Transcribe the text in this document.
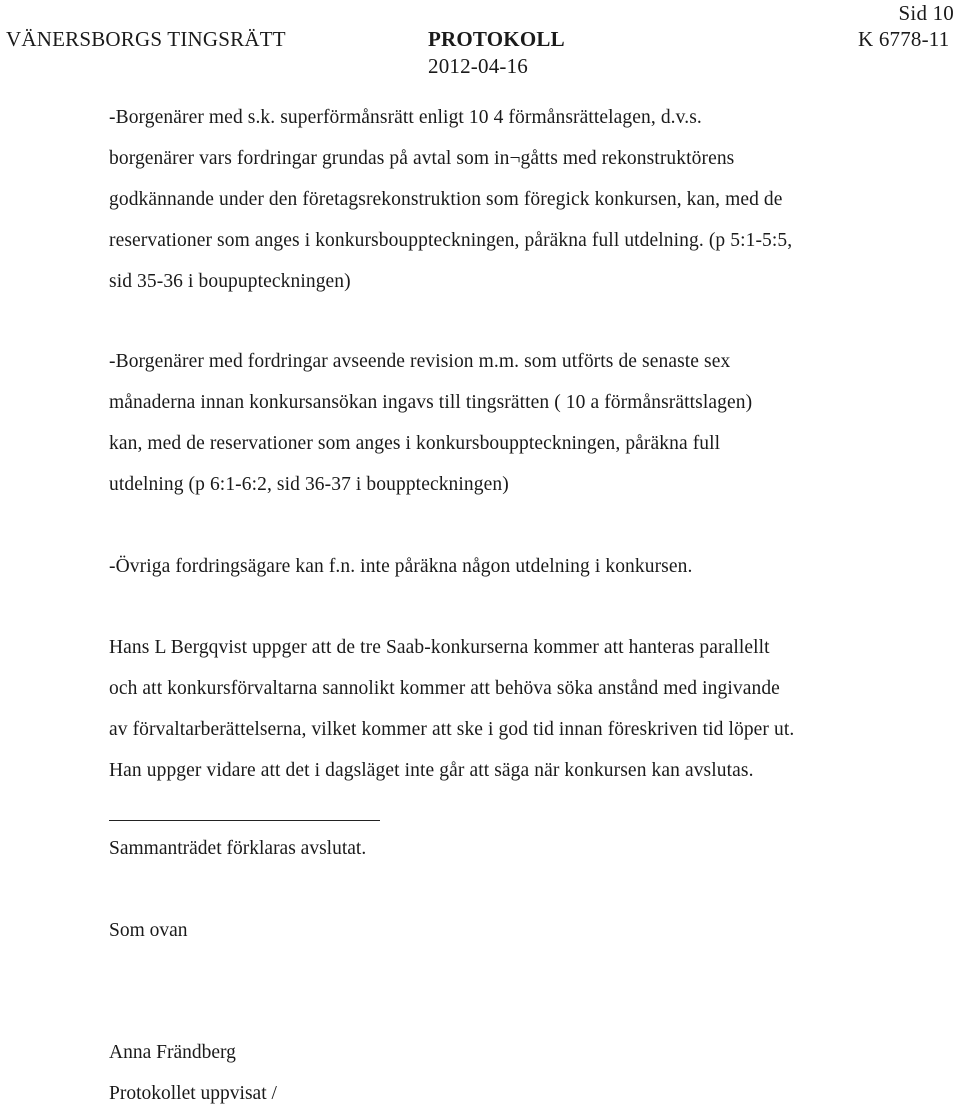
VÄNERSBORGS TINGSRÄTT	PROTOKOLL
2012-04-16
K 6778-11
Sid 10
-Borgenärer med s.k. superförmånsrätt enligt 10 4 förmånsrättelagen, d.v.s.
borgenärer vars fordringar grundas på avtal som in¬gåtts med rekonstruktörens
godkännande under den företagsrekonstruktion som föregick konkursen, kan, med de
reservationer som anges i konkursbouppteckningen, påräkna full utdelning. (p 5:1-5:5,
sid 35-36 i boupupteckningen)
-Borgenärer med fordringar avseende revision m.m. som utförts de senaste sex
månaderna innan konkursansökan ingavs till tingsrätten ( 10 a förmånsrättslagen)
kan, med de reservationer som anges i konkursbouppteckningen, påräkna full
utdelning (p 6:1-6:2, sid 36-37 i bouppteckningen)
-Övriga fordringsägare kan f.n. inte påräkna någon utdelning i konkursen.
Hans L Bergqvist uppger att de tre Saab-konkurserna kommer att hanteras parallellt
och att konkursförvaltarna sannolikt kommer att behöva söka anstånd med ingivande
av förvaltarberättelserna, vilket kommer att ske i god tid innan föreskriven tid löper ut.
Han uppger vidare att det i dagsläget inte går att säga när konkursen kan avslutas.
Sammanträdet förklaras avslutat.
Som ovan
Anna Frändberg
Protokollet uppvisat /
